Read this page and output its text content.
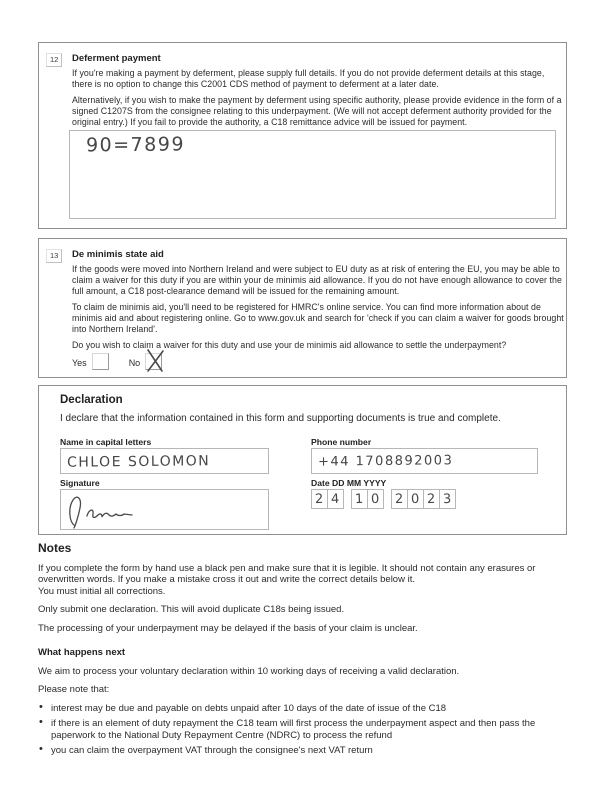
12	Deferment payment

If you're making a payment by deferment, please supply full details. If you do not provide deferment details at this stage, there is no option to change this C2001 CDS method of payment to deferment at a later date.

Alternatively, if you wish to make the payment by deferment using specific authority, please provide evidence in the form of a signed C1207S from the consignee relating to this underpayment. (We will not accept deferment authority provided for the original entry.) If you fail to provide the authority, a C18 remittance advice will be issued for payment.

90=7899
13	De minimis state aid

If the goods were moved into Northern Ireland and were subject to EU duty as at risk of entering the EU, you may be able to claim a waiver for this duty if you are within your de minimis aid allowance. If you do not have enough allowance to cover the full amount, a C18 post-clearance demand will be issued for the remaining amount.

To claim de minimis aid, you'll need to be registered for HMRC's online service. You can find more information about de minimis aid and about registering online. Go to www.gov.uk and search for 'check if you can claim a waiver for goods brought into Northern Ireland'.

Do you wish to claim a waiver for this duty and use your de minimis aid allowance to settle the underpayment?

Yes	No
Declaration
I declare that the information contained in this form and supporting documents is true and complete.
Name in capital letters
CHLOE SOLOMON
Phone number
+44 1708892003
Signature	Date DD MM YYYY
2 4 1 0 2 0 2 3
Notes

If you complete the form by hand use a black pen and make sure that it is legible. It should not contain any erasures or overwritten words. If you make a mistake cross it out and write the correct details below it.
You must initial all corrections.

Only submit one declaration. This will avoid duplicate C18s being issued.

The processing of your underpayment may be delayed if the basis of your claim is unclear.

What happens next

We aim to process your voluntary declaration within 10 working days of receiving a valid declaration.

Please note that:

• interest may be due and payable on debts unpaid after 10 days of the date of issue of the C18
• if there is an element of duty repayment the C18 team will first process the underpayment aspect and then pass the paperwork to the National Duty Repayment Centre (NDRC) to process the refund
• you can claim the overpayment VAT through the consignee's next VAT return
